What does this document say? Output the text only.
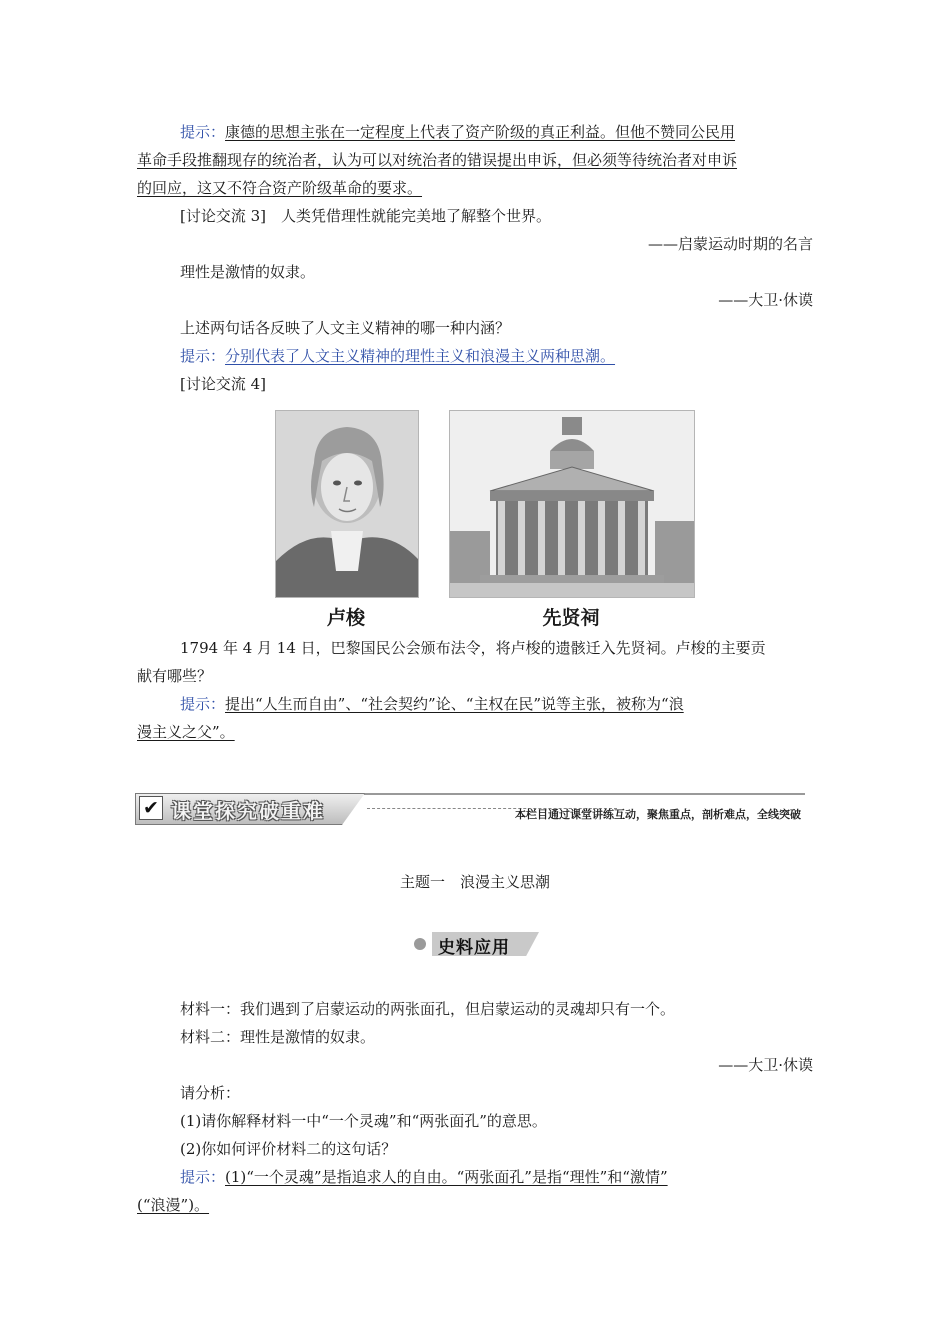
提示：康德的思想主张在一定程度上代表了资产阶级的真正利益。但他不赞同公民用
革命手段推翻现存的统治者，认为可以对统治者的错误提出申诉，但必须等待统治者对申诉
的回应，这又不符合资产阶级革命的要求。
[讨论交流 3]　人类凭借理性就能完美地了解整个世界。
——启蒙运动时期的名言
理性是激情的奴隶。
——大卫·休谟
上述两句话各反映了人文主义精神的哪一种内涵？
提示：分别代表了人文主义精神的理性主义和浪漫主义两种思潮。
[讨论交流 4]
卢梭	先贤祠
1794 年 4 月 14 日，巴黎国民公会颁布法令，将卢梭的遗骸迁入先贤祠。卢梭的主要贡
献有哪些？
提示：提出“人生而自由”、“社会契约”论、“主权在民”说等主张，被称为“浪
漫主义之父”。
✔ 课堂探究破重难	本栏目通过课堂讲练互动，聚焦重点，剖析难点，全线突破
主题一　浪漫主义思潮
史料应用
材料一：我们遇到了启蒙运动的两张面孔，但启蒙运动的灵魂却只有一个。
材料二：理性是激情的奴隶。
——大卫·休谟
请分析：
(1)请你解释材料一中“一个灵魂”和“两张面孔”的意思。
(2)你如何评价材料二的这句话？
提示：(1)“一个灵魂”是指追求人的自由。“两张面孔”是指“理性”和“激情”
(“浪漫”)。
